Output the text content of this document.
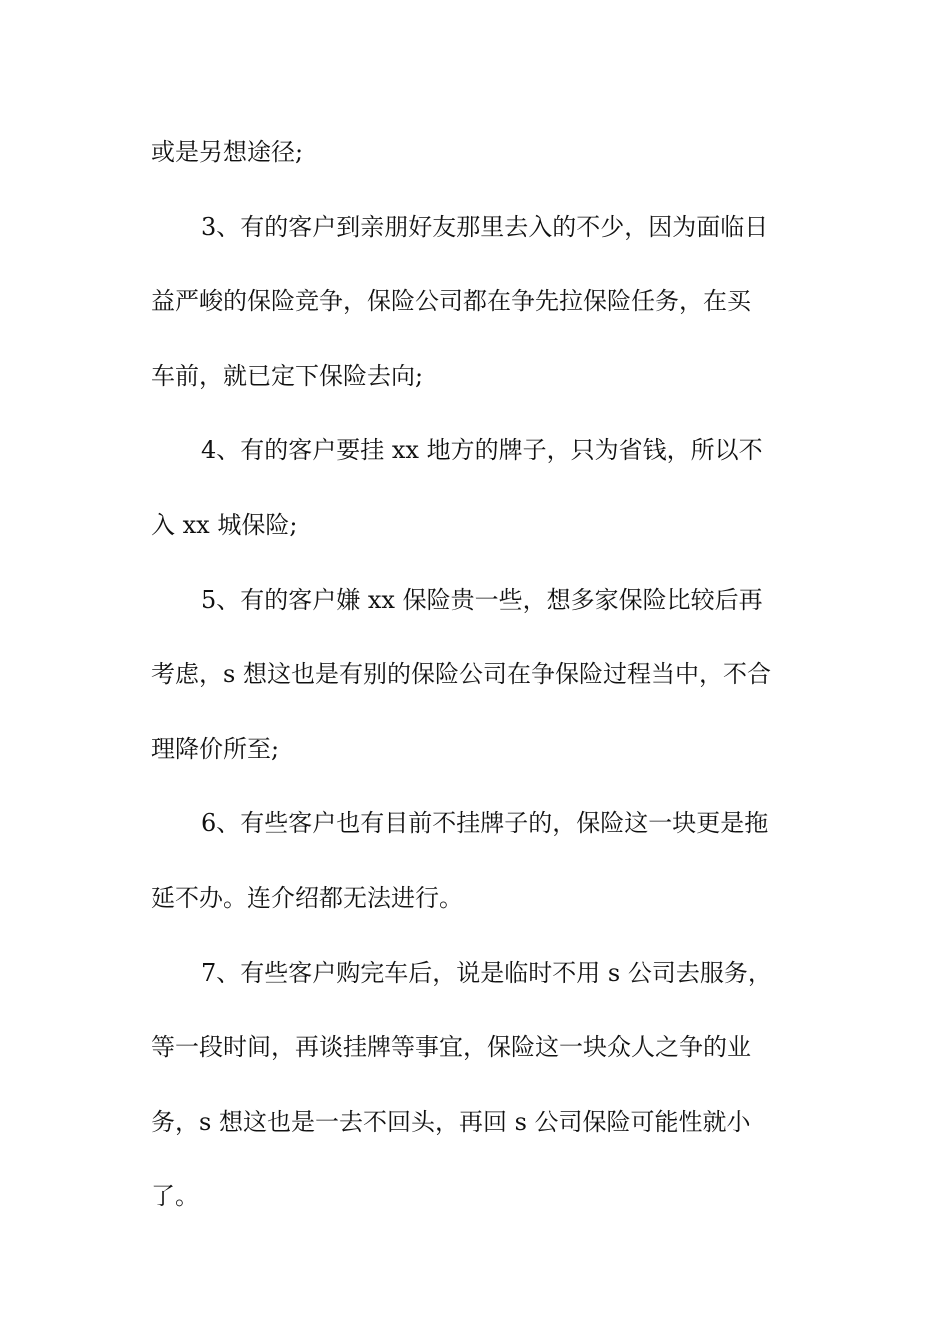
或是另想途径;
3、有的客户到亲朋好友那里去入的不少，因为面临日
益严峻的保险竞争，保险公司都在争先拉保险任务，在买
车前，就已定下保险去向;
4、有的客户要挂 xx 地方的牌子，只为省钱，所以不
入 xx 城保险;
5、有的客户嫌 xx 保险贵一些，想多家保险比较后再
考虑，s 想这也是有别的保险公司在争保险过程当中，不合
理降价所至;
6、有些客户也有目前不挂牌子的，保险这一块更是拖
延不办。连介绍都无法进行。
7、有些客户购完车后，说是临时不用 s 公司去服务，
等一段时间，再谈挂牌等事宜，保险这一块众人之争的业
务，s 想这也是一去不回头，再回 s 公司保险可能性就小
了。
